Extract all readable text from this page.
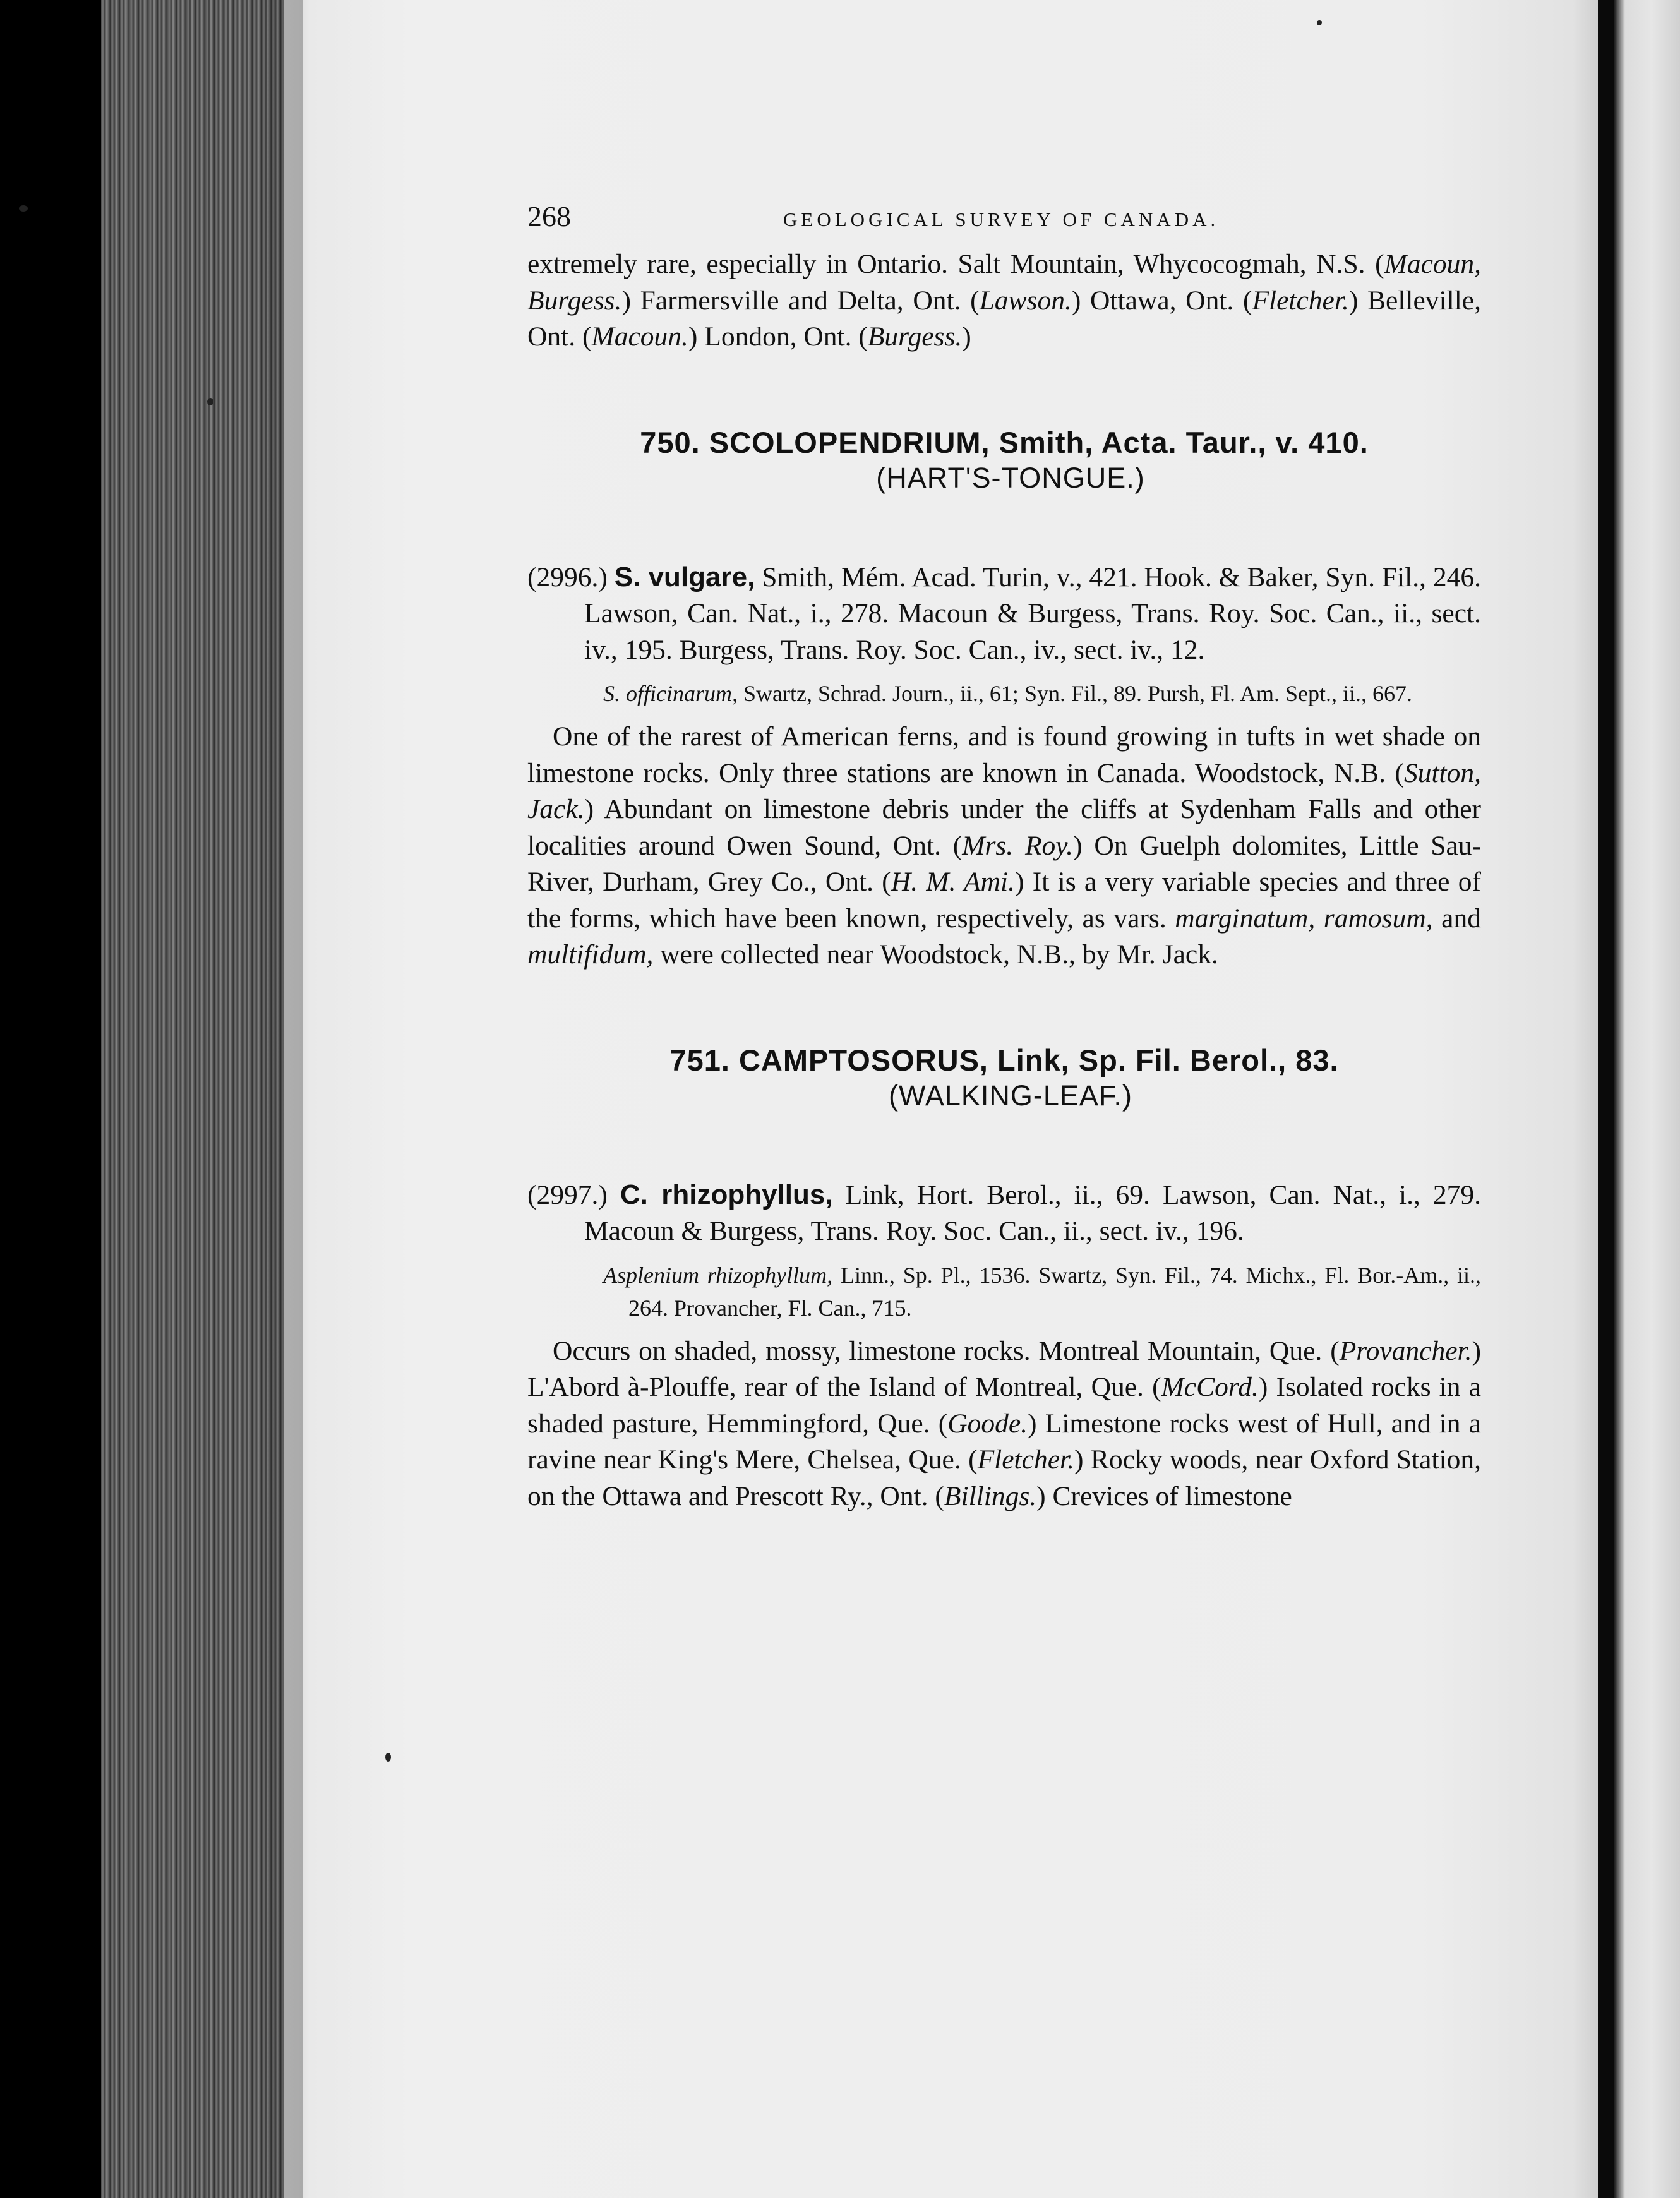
268	GEOLOGICAL SURVEY OF CANADA.

extremely rare, especially in Ontario. Salt Mountain, Whycocogmah, N.S. (Macoun, Burgess.) Farmersville and Delta, Ont. (Lawson.) Ottawa, Ont. (Fletcher.) Belleville, Ont. (Macoun.) London, Ont. (Burgess.)

750. SCOLOPENDRIUM, Smith, Acta. Taur., v. 410.
(HART'S-TONGUE.)

(2996.) S. vulgare, Smith, Mém. Acad. Turin, v., 421. Hook. & Baker, Syn. Fil., 246. Lawson, Can. Nat., i., 278. Macoun & Burgess, Trans. Roy. Soc. Can., ii., sect. iv., 195. Burgess, Trans. Roy. Soc. Can., iv., sect. iv., 12.

S. officinarum, Swartz, Schrad. Journ., ii., 61; Syn. Fil., 89. Pursh, Fl. Am. Sept., ii., 667.

One of the rarest of American ferns, and is found growing in tufts in wet shade on limestone rocks. Only three stations are known in Canada. Woodstock, N.B. (Sutton, Jack.) Abundant on limestone debris under the cliffs at Sydenham Falls and other localities around Owen Sound, Ont. (Mrs. Roy.) On Guelph dolomites, Little Sau-River, Durham, Grey Co., Ont. (H. M. Ami.) It is a very variable species and three of the forms, which have been known, respectively, as vars. marginatum, ramosum, and multifidum, were collected near Woodstock, N.B., by Mr. Jack.

751. CAMPTOSORUS, Link, Sp. Fil. Berol., 83.
(WALKING-LEAF.)

(2997.) C. rhizophyllus, Link, Hort. Berol., ii., 69. Lawson, Can. Nat., i., 279. Macoun & Burgess, Trans. Roy. Soc. Can., ii., sect. iv., 196.

Asplenium rhizophyllum, Linn., Sp. Pl., 1536. Swartz, Syn. Fil., 74. Michx., Fl. Bor.-Am., ii., 264. Provancher, Fl. Can., 715.

Occurs on shaded, mossy, limestone rocks. Montreal Mountain, Que. (Provancher.) L'Abord à-Plouffe, rear of the Island of Montreal, Que. (McCord.) Isolated rocks in a shaded pasture, Hemmingford, Que. (Goode.) Limestone rocks west of Hull, and in a ravine near King's Mere, Chelsea, Que. (Fletcher.) Rocky woods, near Oxford Station, on the Ottawa and Prescott Ry., Ont. (Billings.) Crevices of limestone
